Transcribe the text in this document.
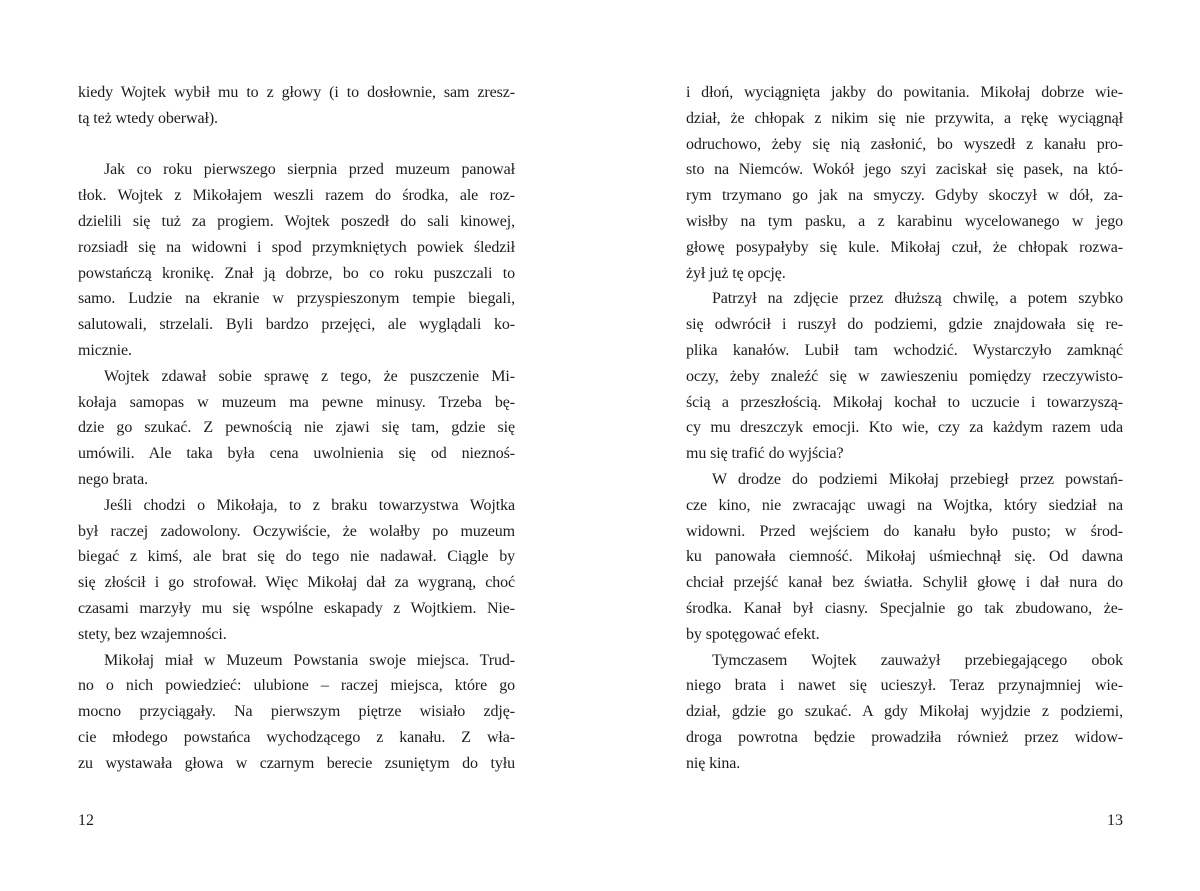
kiedy Wojtek wybił mu to z głowy (i to dosłownie, sam zresz-
tą też wtedy oberwał).
Jak co roku pierwszego sierpnia przed muzeum panował
tłok. Wojtek z Mikołajem weszli razem do środka, ale roz-
dzielili się tuż za progiem. Wojtek poszedł do sali kinowej,
rozsiadł się na widowni i spod przymkniętych powiek śledził
powstańczą kronikę. Znał ją dobrze, bo co roku puszczali to
samo. Ludzie na ekranie w przyspieszonym tempie biegali,
salutowali, strzelali. Byli bardzo przejęci, ale wyglądali ko-
micznie.
Wojtek zdawał sobie sprawę z tego, że puszczenie Mi-
kołaja samopas w muzeum ma pewne minusy. Trzeba bę-
dzie go szukać. Z pewnością nie zjawi się tam, gdzie się
umówili. Ale taka była cena uwolnienia się od nieznoś-
nego brata.
Jeśli chodzi o Mikołaja, to z braku towarzystwa Wojtka
był raczej zadowolony. Oczywiście, że wolałby po muzeum
biegać z kimś, ale brat się do tego nie nadawał. Ciągle by
się złościł i go strofował. Więc Mikołaj dał za wygraną, choć
czasami marzyły mu się wspólne eskapady z Wojtkiem. Nie-
stety, bez wzajemności.
Mikołaj miał w Muzeum Powstania swoje miejsca. Trud-
no o nich powiedzieć: ulubione – raczej miejsca, które go
mocno przyciągały. Na pierwszym piętrze wisiało zdję-
cie młodego powstańca wychodzącego z kanału. Z wła-
zu wystawała głowa w czarnym berecie zsuniętym do tyłu
i dłoń, wyciągnięta jakby do powitania. Mikołaj dobrze wie-
dział, że chłopak z nikim się nie przywita, a rękę wyciągnął
odruchowo, żeby się nią zasłonić, bo wyszedł z kanału pro-
sto na Niemców. Wokół jego szyi zaciskał się pasek, na któ-
rym trzymano go jak na smyczy. Gdyby skoczył w dół, za-
wisłby na tym pasku, a z karabinu wycelowanego w jego
głowę posypałyby się kule. Mikołaj czuł, że chłopak rozwa-
żył już tę opcję.
Patrzył na zdjęcie przez dłuższą chwilę, a potem szybko
się odwrócił i ruszył do podziemi, gdzie znajdowała się re-
plika kanałów. Lubił tam wchodzić. Wystarczyło zamknąć
oczy, żeby znaleźć się w zawieszeniu pomiędzy rzeczywisto-
ścią a przeszłością. Mikołaj kochał to uczucie i towarzyszą-
cy mu dreszczyk emocji. Kto wie, czy za każdym razem uda
mu się trafić do wyjścia?
W drodze do podziemi Mikołaj przebiegł przez powstań-
cze kino, nie zwracając uwagi na Wojtka, który siedział na
widowni. Przed wejściem do kanału było pusto; w środ-
ku panowała ciemność. Mikołaj uśmiechnął się. Od dawna
chciał przejść kanał bez światła. Schylił głowę i dał nura do
środka. Kanał był ciasny. Specjalnie go tak zbudowano, że-
by spotęgować efekt.
Tymczasem Wojtek zauważył przebiegającego obok
niego brata i nawet się ucieszył. Teraz przynajmniej wie-
dział, gdzie go szukać. A gdy Mikołaj wyjdzie z podziemi,
droga powrotna będzie prowadziła również przez widow-
nię kina.
12	13
